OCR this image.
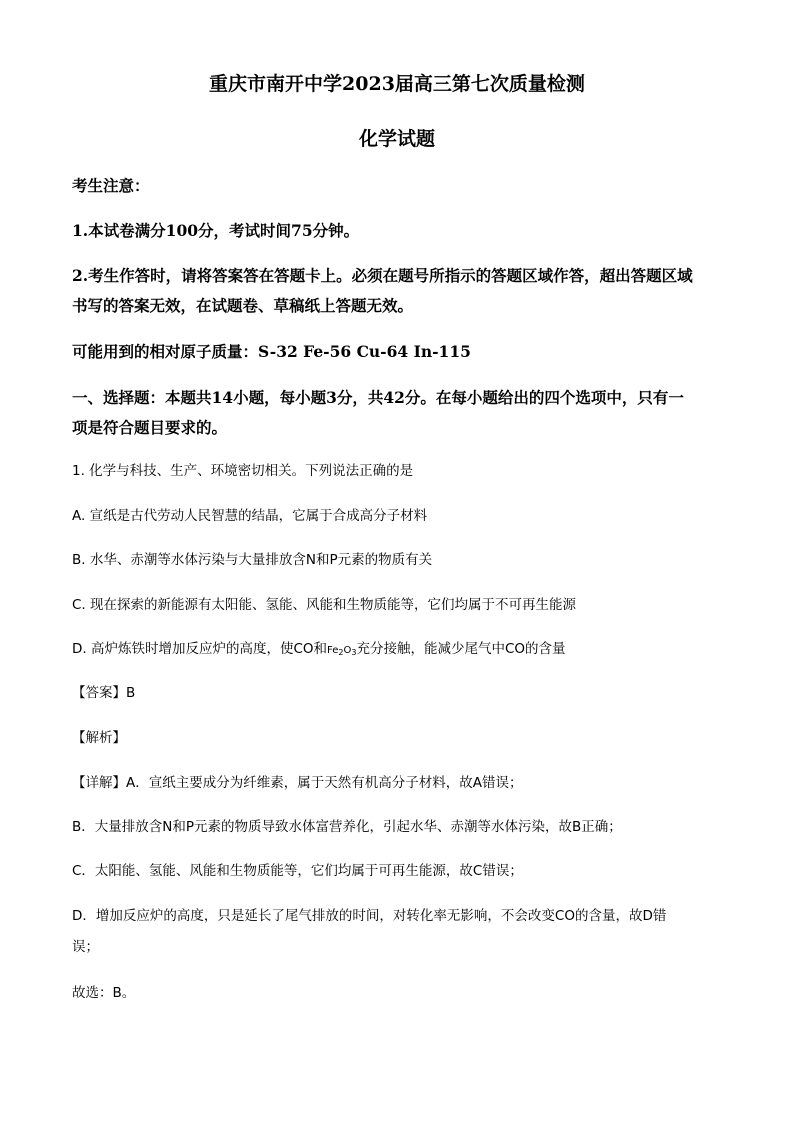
重庆市南开中学2023届高三第七次质量检测
化学试题
考生注意：
1.本试卷满分100分，考试时间75分钟。
2.考生作答时，请将答案答在答题卡上。必须在题号所指示的答题区域作答，超出答题区域
书写的答案无效，在试题卷、草稿纸上答题无效。
可能用到的相对原子质量：S-32 Fe-56 Cu-64 In-115
一、选择题：本题共14小题，每小题3分，共42分。在每小题给出的四个选项中，只有一
项是符合题目要求的。
1. 化学与科技、生产、环境密切相关。下列说法正确的是
A. 宣纸是古代劳动人民智慧的结晶，它属于合成高分子材料
B. 水华、赤潮等水体污染与大量排放含N和P元素的物质有关
C. 现在探索的新能源有太阳能、氢能、风能和生物质能等，它们均属于不可再生能源
D. 高炉炼铁时增加反应炉的高度，使CO和$Fe_2O_3$充分接触，能减少尾气中CO的含量
【答案】B
【解析】
【详解】A．宣纸主要成分为纤维素，属于天然有机高分子材料，故A错误；
B．大量排放含N和P元素的物质导致水体富营养化，引起水华、赤潮等水体污染，故B正确；
C．太阳能、氢能、风能和生物质能等，它们均属于可再生能源，故C错误；
D．增加反应炉的高度，只是延长了尾气排放的时间，对转化率无影响，不会改变CO的含量，故D错
误；
故选：B。
